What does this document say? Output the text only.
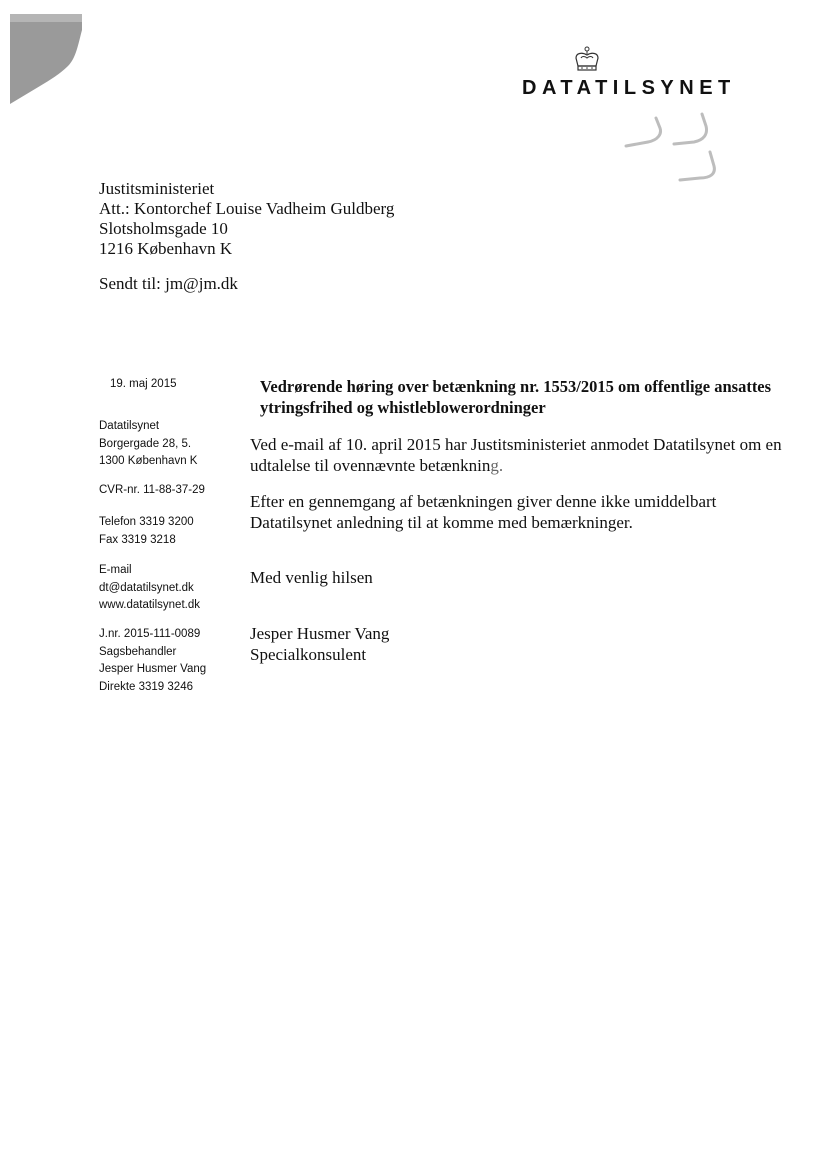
DATATILSYNET
Justitsministeriet
Att.: Kontorchef Louise Vadheim Guldberg
Slotsholmsgade 10
1216 København K
Sendt til: jm@jm.dk
19. maj 2015
Datatilsynet
Borgergade 28, 5.
1300 København K
CVR-nr. 11-88-37-29
Telefon 3319 3200
Fax 3319 3218
E-mail
dt@datatilsynet.dk
www.datatilsynet.dk
J.nr. 2015-111-0089
Sagsbehandler
Jesper Husmer Vang
Direkte 3319 3246
Vedrørende høring over betænkning nr. 1553/2015 om offentlige ansattes
ytringsfrihed og whistleblowerordninger
Ved e-mail af 10. april 2015 har Justitsministeriet anmodet Datatilsynet om en
udtalelse til ovennævnte betænkning.
Efter en gennemgang af betænkningen giver denne ikke umiddelbart
Datatilsynet anledning til at komme med bemærkninger.
Med venlig hilsen
Jesper Husmer Vang
Specialkonsulent
